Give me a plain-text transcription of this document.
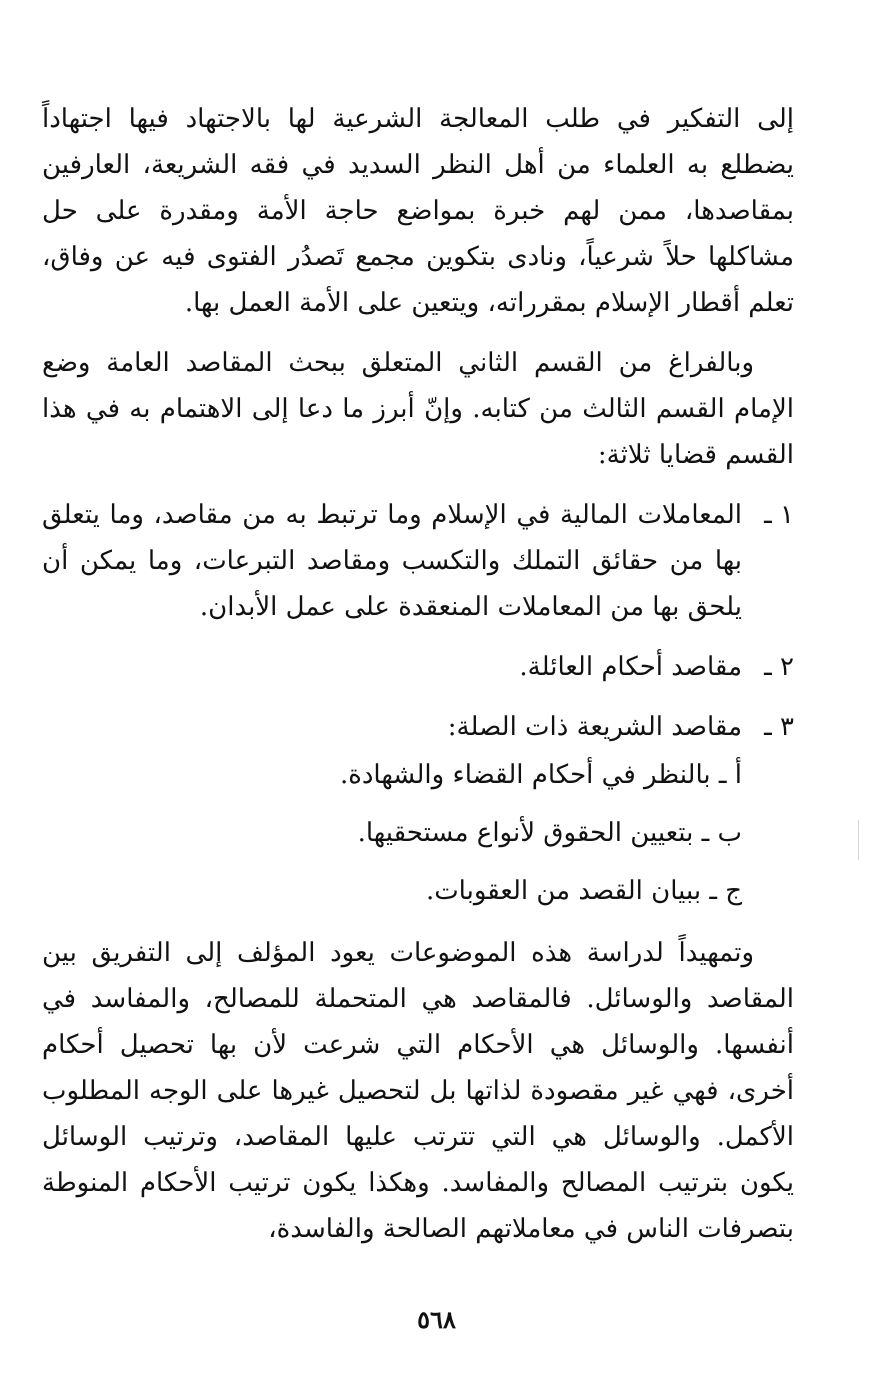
إلى التفكير في طلب المعالجة الشرعية لها بالاجتهاد فيها اجتهاداً يضطلع به العلماء من أهل النظر السديد في فقه الشريعة، العارفين بمقاصدها، ممن لهم خبرة بمواضع حاجة الأمة ومقدرة على حل مشاكلها حلاً شرعياً، ونادى بتكوين مجمع تَصدُر الفتوى فيه عن وفاق، تعلم أقطار الإسلام بمقرراته، ويتعين على الأمة العمل بها.

وبالفراغ من القسم الثاني المتعلق ببحث المقاصد العامة وضع الإمام القسم الثالث من كتابه. وإنّ أبرز ما دعا إلى الاهتمام به في هذا القسم قضايا ثلاثة:

١ ـ
المعاملات المالية في الإسلام وما ترتبط به من مقاصد، وما يتعلق بها من حقائق التملك والتكسب ومقاصد التبرعات، وما يمكن أن يلحق بها من المعاملات المنعقدة على عمل الأبدان.
٢ ـ
مقاصد أحكام العائلة.
٣ ـ
مقاصد الشريعة ذات الصلة:
أ ـ بالنظر في أحكام القضاء والشهادة.
ب ـ بتعيين الحقوق لأنواع مستحقيها.
ج ـ ببيان القصد من العقوبات.

وتمهيداً لدراسة هذه الموضوعات يعود المؤلف إلى التفريق بين المقاصد والوسائل. فالمقاصد هي المتحملة للمصالح، والمفاسد في أنفسها. والوسائل هي الأحكام التي شرعت لأن بها تحصيل أحكام أخرى، فهي غير مقصودة لذاتها بل لتحصيل غيرها على الوجه المطلوب الأكمل. والوسائل هي التي تترتب عليها المقاصد، وترتيب الوسائل يكون بترتيب المصالح والمفاسد. وهكذا يكون ترتيب الأحكام المنوطة بتصرفات الناس في معاملاتهم الصالحة والفاسدة،

٥٦٨
